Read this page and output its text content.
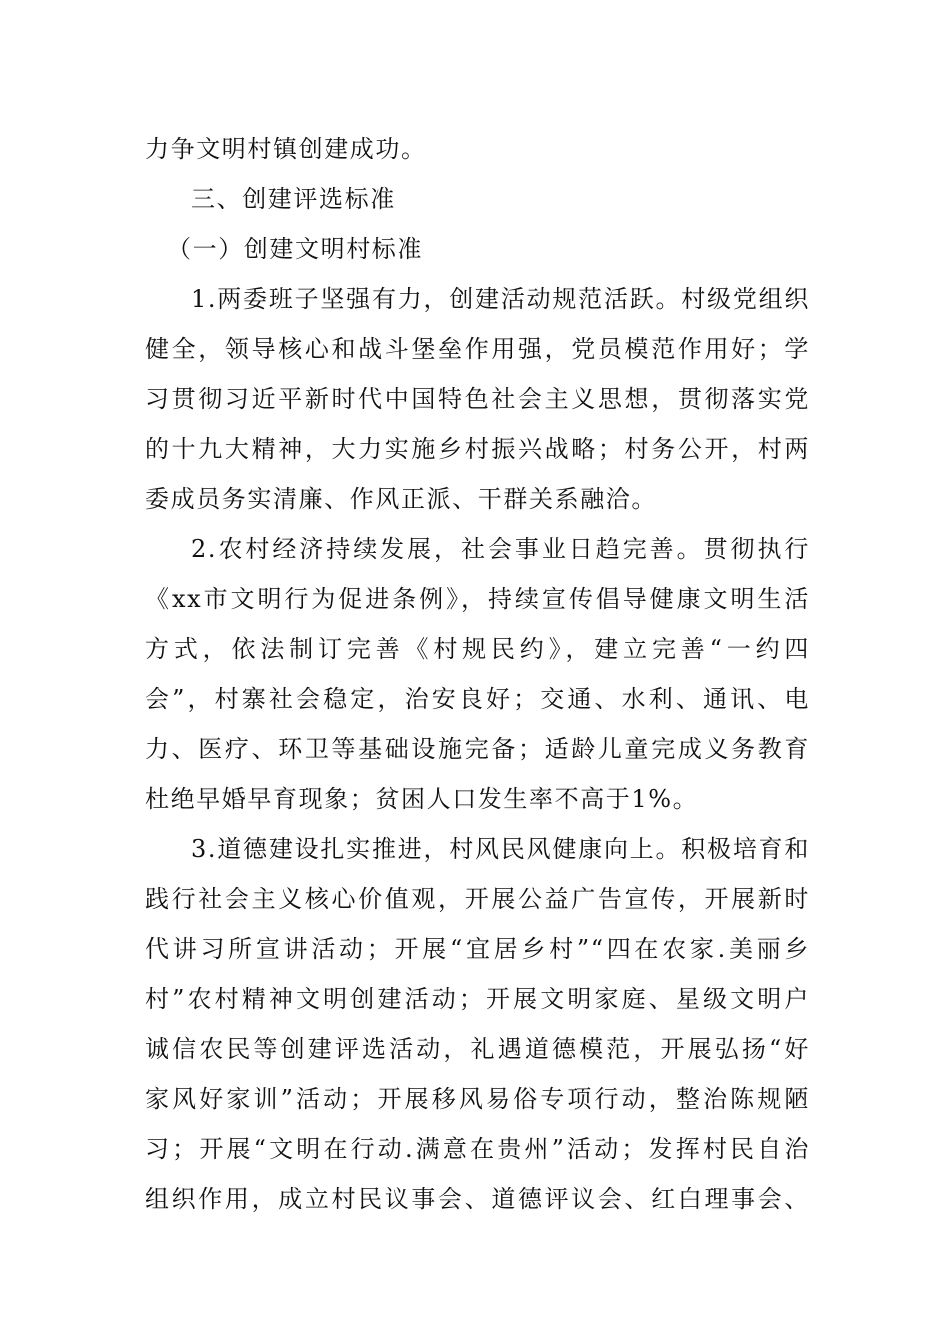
力争文明村镇创建成功。
三、创建评选标准
（一）创建文明村标准
1.两委班子坚强有力，创建活动规范活跃。村级党组织
健全，领导核心和战斗堡垒作用强，党员模范作用好；学
习贯彻习近平新时代中国特色社会主义思想，贯彻落实党
的十九大精神，大力实施乡村振兴战略；村务公开，村两
委成员务实清廉、作风正派、干群关系融洽。
2.农村经济持续发展，社会事业日趋完善。贯彻执行
《xx市文明行为促进条例》，持续宣传倡导健康文明生活
方式，依法制订完善《村规民约》，建立完善“一约四
会”，村寨社会稳定，治安良好；交通、水利、通讯、电
力、医疗、环卫等基础设施完备；适龄儿童完成义务教育
杜绝早婚早育现象；贫困人口发生率不高于1%。
3.道德建设扎实推进，村风民风健康向上。积极培育和
践行社会主义核心价值观，开展公益广告宣传，开展新时
代讲习所宣讲活动；开展“宜居乡村”“四在农家.美丽乡
村”农村精神文明创建活动；开展文明家庭、星级文明户
诚信农民等创建评选活动，礼遇道德模范，开展弘扬“好
家风好家训”活动；开展移风易俗专项行动，整治陈规陋
习；开展“文明在行动.满意在贵州”活动；发挥村民自治
组织作用，成立村民议事会、道德评议会、红白理事会、
